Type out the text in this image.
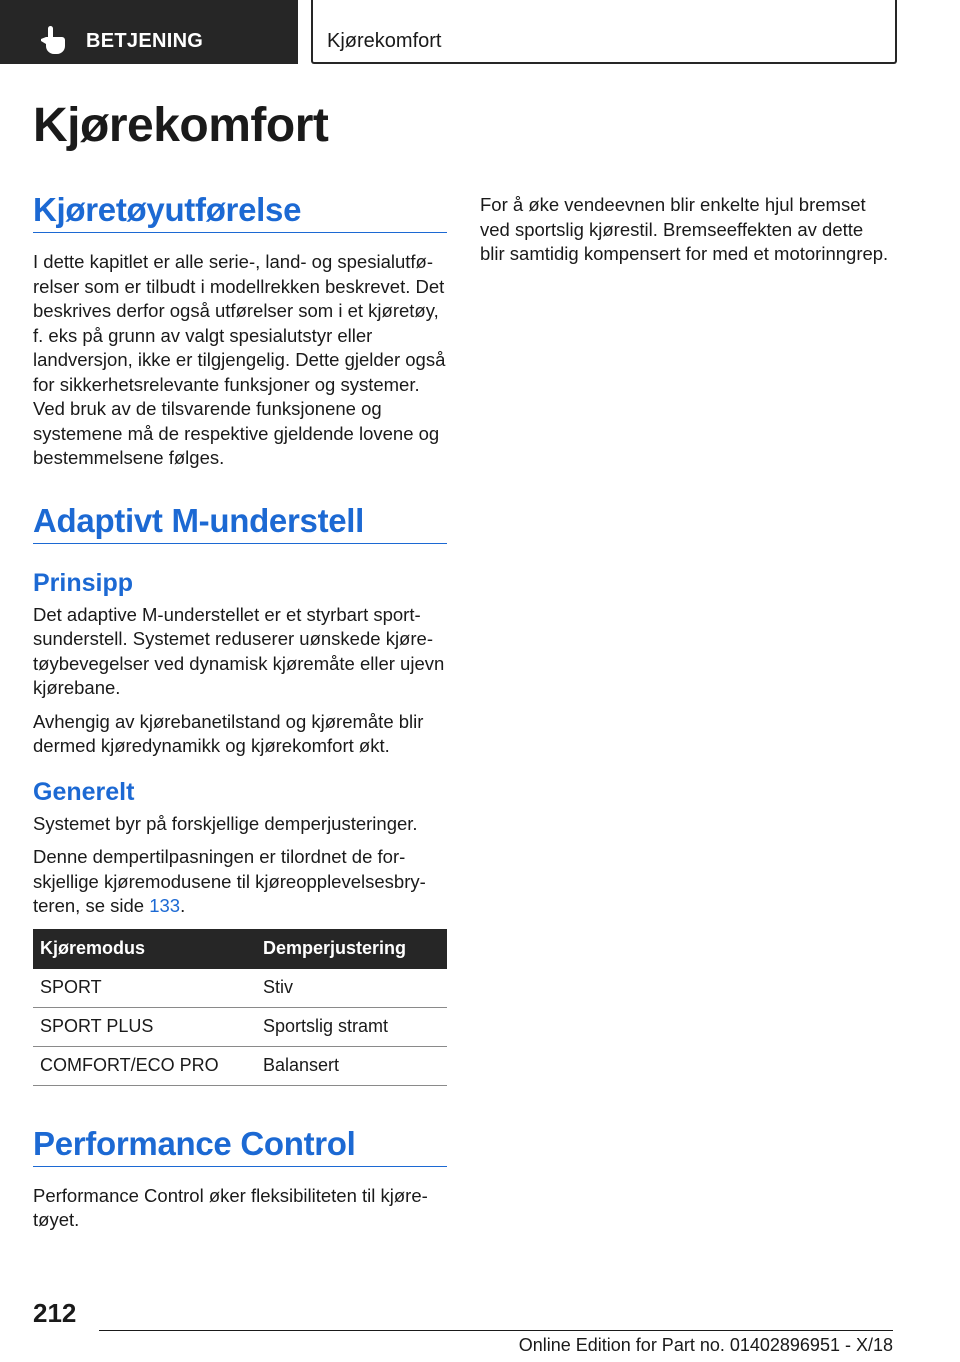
BETJENING	Kjørekomfort
Kjørekomfort
Kjøretøyutførelse

I dette kapitlet er alle serie-, land- og spesialutførelser som er tilbudt i modellrekken beskrevet. Det beskrives derfor også utførelser som i et kjøretøy, f. eks på grunn av valgt spesialutstyr eller landversjon, ikke er tilgjengelig. Dette gjelder også for sikkerhetsrelevante funksjoner og systemer. Ved bruk av de tilsvarende funksjonene og systemene må de respektive gjeldende lovene og bestemmelsene følges.

Adaptivt M-understell
Prinsipp

Det adaptive M-understellet er et styrbart sportsunderstell. Systemet reduserer uønskede kjøretøybevegelser ved dynamisk kjøremåte eller ujevn kjørebane.

Avhengig av kjørebanetilstand og kjøremåte blir dermed kjøredynamikk og kjørekomfort økt.

Generelt

Systemet byr på forskjellige demperjusteringer.

Denne dempertilpasningen er tilordnet de forskjellige kjøremodusene til kjøreopplevelsesbryteren, se side 133.

Kjøremodus	Demperjustering
SPORT	Stiv
SPORT PLUS	Sportslig stramt
COMFORT/ECO PRO	Balansert
Performance Control

Performance Control øker fleksibiliteten til kjøretøyet.

For å øke vendeevnen blir enkelte hjul bremset ved sportslig kjørestil. Bremseeffekten av dette blir samtidig kompensert for med et motorinngrep.

212
Online Edition for Part no. 01402896951 - X/18
